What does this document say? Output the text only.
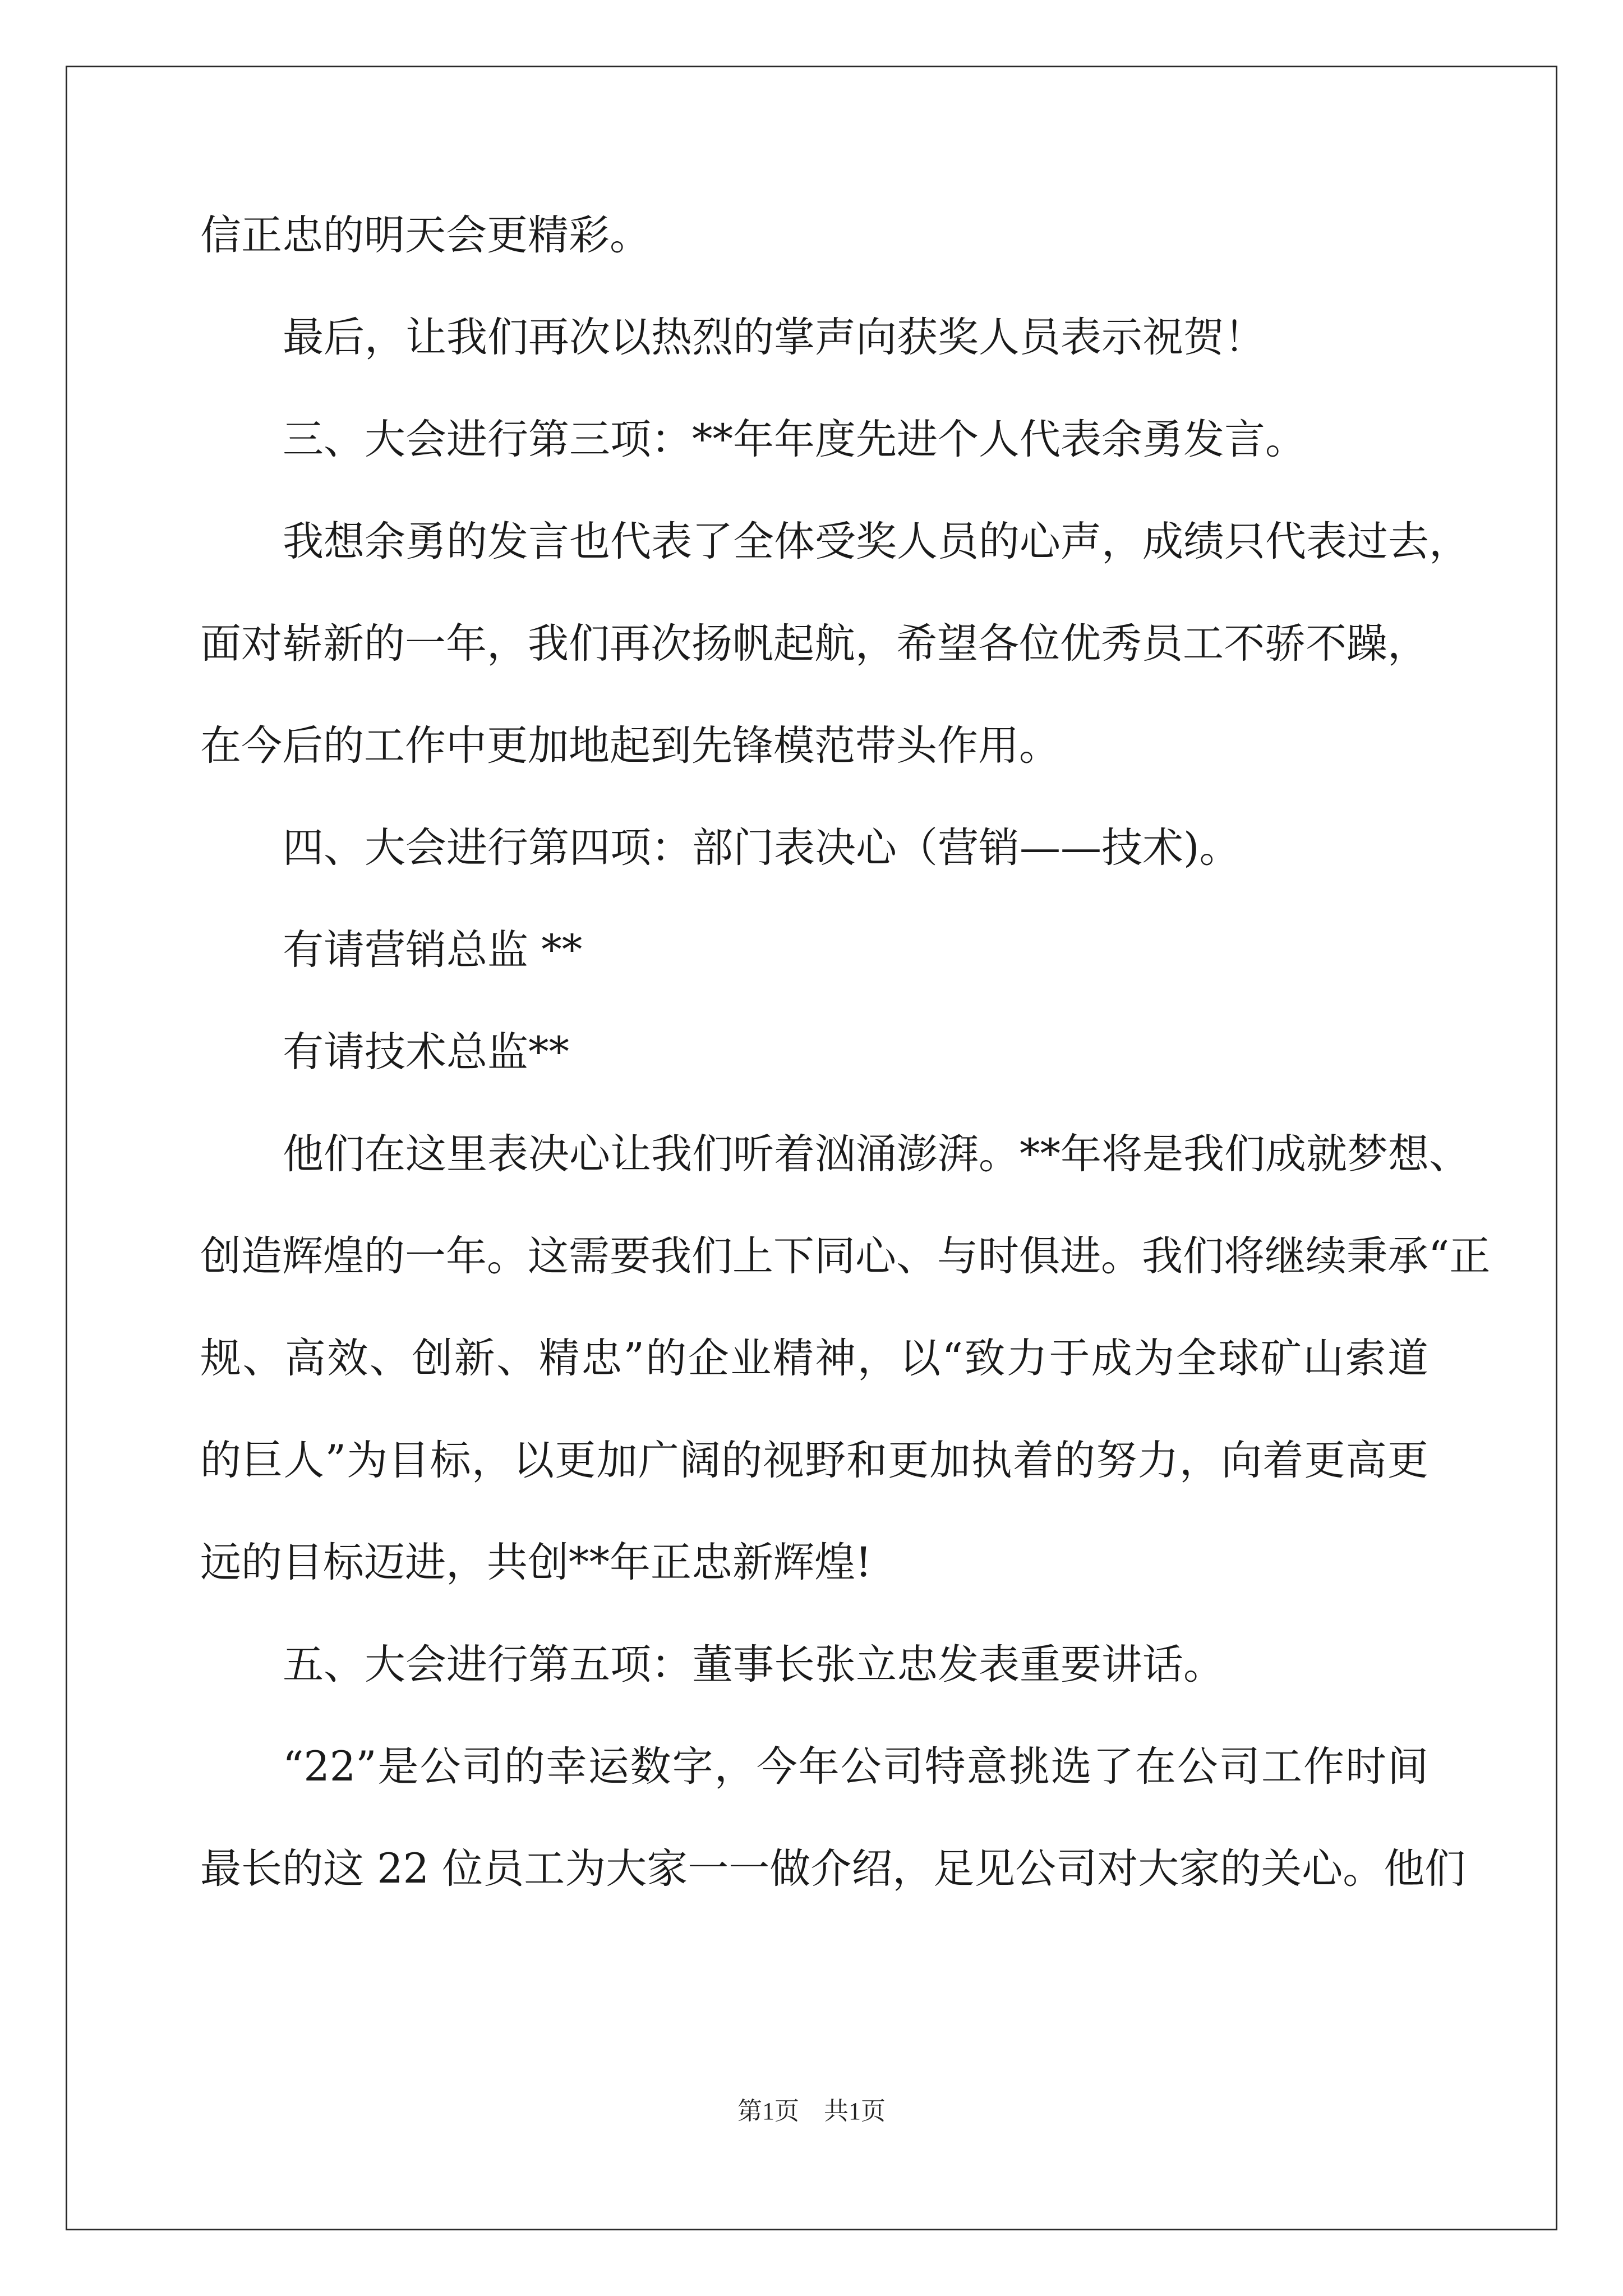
信正忠的明天会更精彩。
最后，让我们再次以热烈的掌声向获奖人员表示祝贺！
三、大会进行第三项：**年年度先进个人代表余勇发言。
我想余勇的发言也代表了全体受奖人员的心声，成绩只代表过去，
面对崭新的一年，我们再次扬帆起航，希望各位优秀员工不骄不躁，
在今后的工作中更加地起到先锋模范带头作用。
四、大会进行第四项：部门表决心（营销——技术)。
有请营销总监 **
有请技术总监**
他们在这里表决心让我们听着汹涌澎湃。**年将是我们成就梦想、
创造辉煌的一年。这需要我们上下同心、与时俱进。我们将继续秉承“正
规、高效、创新、精忠”的企业精神，以“致力于成为全球矿山索道
的巨人”为目标，以更加广阔的视野和更加执着的努力，向着更高更
远的目标迈进，共创**年正忠新辉煌!
五、大会进行第五项：董事长张立忠发表重要讲话。
“22”是公司的幸运数字，今年公司特意挑选了在公司工作时间
最长的这 22 位员工为大家一一做介绍，足见公司对大家的关心。他们
第1页　共1页
